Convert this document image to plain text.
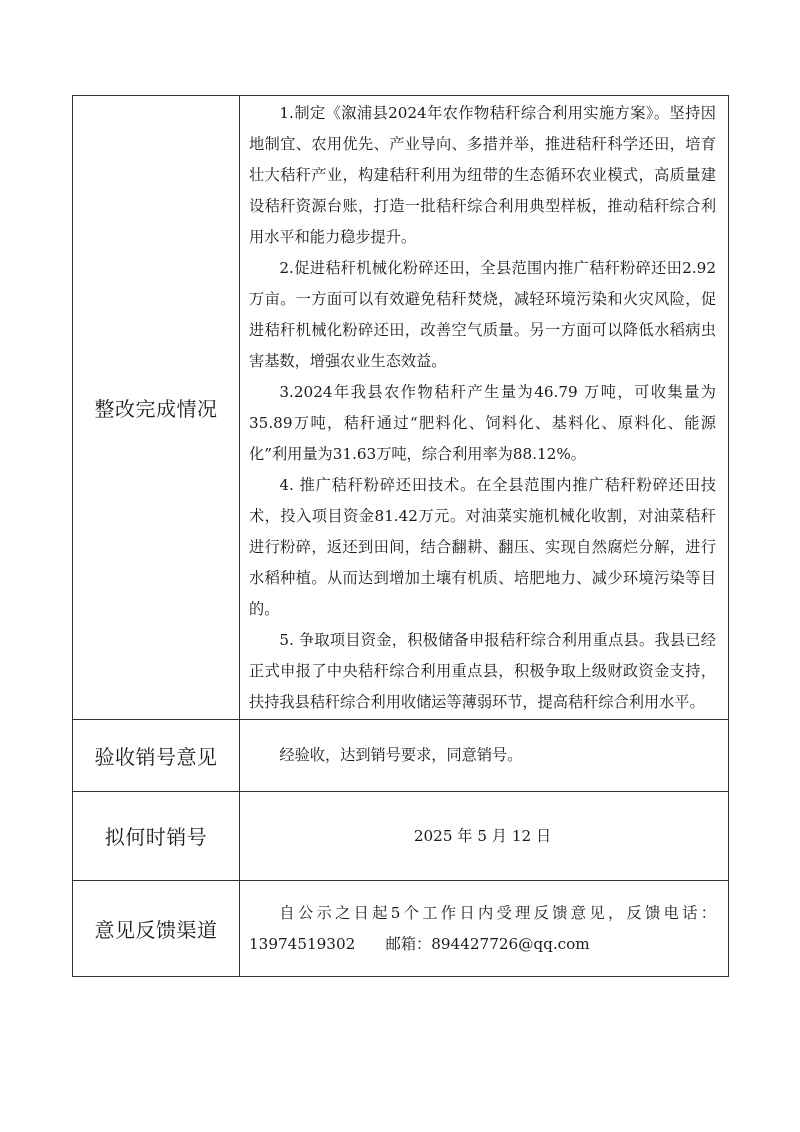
整改完成情况

1.制定《溆浦县2024年农作物秸秆综合利用实施方案》。坚持因地制宜、农用优先、产业导向、多措并举，推进秸秆科学还田，培育壮大秸秆产业，构建秸秆利用为纽带的生态循环农业模式，高质量建设秸秆资源台账，打造一批秸秆综合利用典型样板，推动秸秆综合利用水平和能力稳步提升。

2.促进秸秆机械化粉碎还田，全县范围内推广秸秆粉碎还田2.92万亩。一方面可以有效避免秸秆焚烧，减轻环境污染和火灾风险，促进秸秆机械化粉碎还田，改善空气质量。另一方面可以降低水稻病虫害基数，增强农业生态效益。

3.2024年我县农作物秸秆产生量为46.79 万吨，可收集量为35.89万吨，秸秆通过“肥料化、饲料化、基料化、原料化、能源化”利用量为31.63万吨，综合利用率为88.12%。

4. 推广秸秆粉碎还田技术。在全县范围内推广秸秆粉碎还田技术，投入项目资金81.42万元。对油菜实施机械化收割，对油菜秸秆进行粉碎，返还到田间，结合翻耕、翻压、实现自然腐烂分解，进行水稻种植。从而达到增加土壤有机质、培肥地力、减少环境污染等目的。

5. 争取项目资金，积极储备申报秸秆综合利用重点县。我县已经正式申报了中央秸秆综合利用重点县，积极争取上级财政资金支持，扶持我县秸秆综合利用收储运等薄弱环节，提高秸秆综合利用水平。

验收销号意见	经验收，达到销号要求，同意销号。

拟何时销号	2025 年 5 月 12 日
意见反馈渠道

自公示之日起5个工作日内受理反馈意见，反馈电话：13974519302　　邮箱：894427726@qq.com
